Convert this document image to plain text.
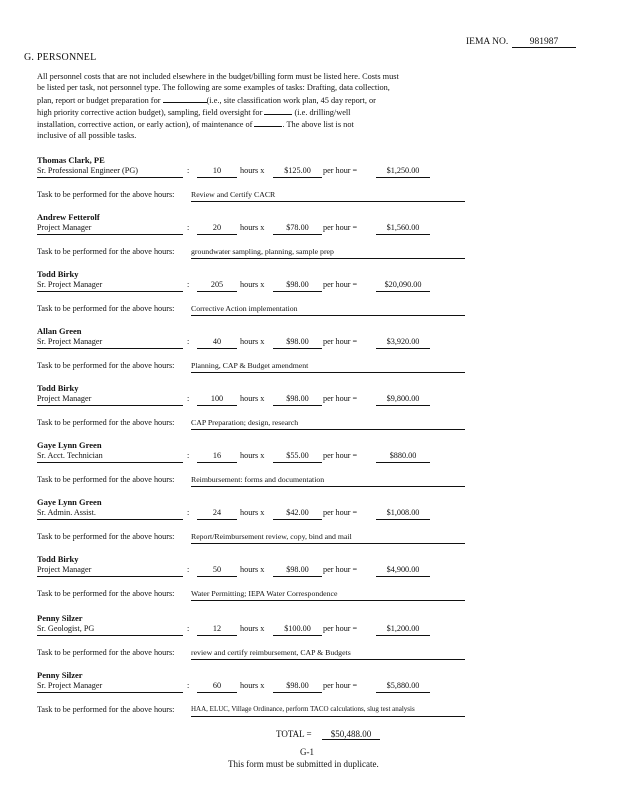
IEMA NO.	981987
G. PERSONNEL

All personnel costs that are not included elsewhere in the budget/billing form must be listed here. Costs must

be listed per task, not personnel type. The following are some examples of tasks: Drafting, data collection,

plan, report or budget preparation for	(i.e., site classification work plan, 45 day report, or

high priority corrective action budget), sampling, field oversight for	(i.e. drilling/well

installation, corrective action, or early action), of maintenance of	. The above list is not

inclusive of all possible tasks.

Thomas Clark, PE
Sr. Professional Engineer (PG)	:	10	hours x	$125.00	per hour =	$1,250.00
Task to be performed for the above hours: Review and Certify CACR
Andrew Fetterolf
Project Manager	:	20	hours x	$78.00	per hour =	$1,560.00
Task to be performed for the above hours: groundwater sampling, planning, sample prep
Todd Birky
Sr. Project Manager	:	205	hours x	$98.00	per hour =	$20,090.00
Task to be performed for the above hours: Corrective Action implementation
Allan Green
Sr. Project Manager	:	40	hours x	$98.00	per hour =	$3,920.00
Task to be performed for the above hours: Planning, CAP & Budget amendment
Todd Birky
Project Manager	:	100	hours x	$98.00	per hour =	$9,800.00
Task to be performed for the above hours: CAP Preparation; design, research
Gaye Lynn Green
Sr. Acct. Technician	:	16	hours x	$55.00	per hour =	$880.00
Task to be performed for the above hours: Reimbursement: forms and documentation
Gaye Lynn Green
Sr. Admin. Assist.	:	24	hours x	$42.00	per hour =	$1,008.00
Task to be performed for the above hours: Report/Reimbursement review, copy, bind and mail
Todd Birky
Project Manager	:	50	hours x	$98.00	per hour =	$4,900.00
Task to be performed for the above hours: Water Permitting; IEPA Water Correspondence
Penny Silzer
Sr. Geologist, PG	:	12	hours x	$100.00	per hour =	$1,200.00
Task to be performed for the above hours: review and certify reimbursement, CAP & Budgets
Penny Silzer
Sr. Project Manager	:	60	hours x	$98.00	per hour =	$5,880.00
Task to be performed for the above hours: HAA, ELUC, Village Ordinance, perform TACO calculations, slug test analysis
TOTAL =	$50,488.00
G-1
This form must be submitted in duplicate.
